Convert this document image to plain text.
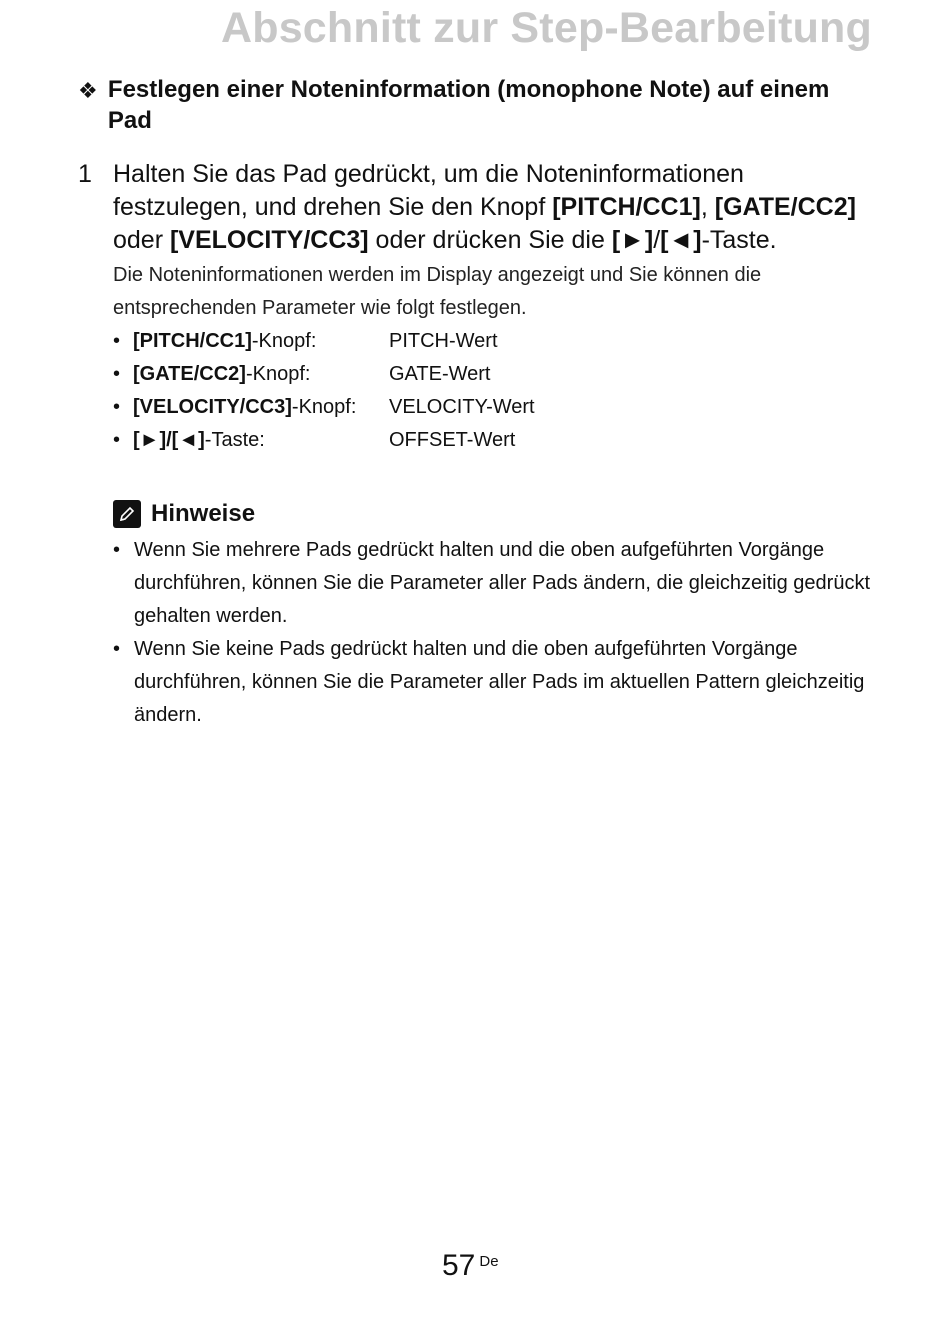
Abschnitt zur Step-Bearbeitung
❖ Festlegen einer Noteninformation (monophone Note) auf einem Pad
1 Halten Sie das Pad gedrückt, um die Noteninformationen festzulegen, und drehen Sie den Knopf [PITCH/CC1], [GATE/CC2] oder [VELOCITY/CC3] oder drücken Sie die [►]/[◄]-Taste.

Die Noteninformationen werden im Display angezeigt und Sie können die entsprechenden Parameter wie folgt festlegen.

• [PITCH/CC1]-Knopf:	PITCH-Wert
• [GATE/CC2]-Knopf:	GATE-Wert
• [VELOCITY/CC3]-Knopf:	VELOCITY-Wert
• [►]/[◄]-Taste:	OFFSET-Wert
Hinweise
• Wenn Sie mehrere Pads gedrückt halten und die oben aufgeführten Vorgänge durchführen, können Sie die Parameter aller Pads ändern, die gleichzeitig gedrückt gehalten werden.
• Wenn Sie keine Pads gedrückt halten und die oben aufgeführten Vorgänge durchführen, können Sie die Parameter aller Pads im aktuellen Pattern gleichzeitig ändern.
57 De
